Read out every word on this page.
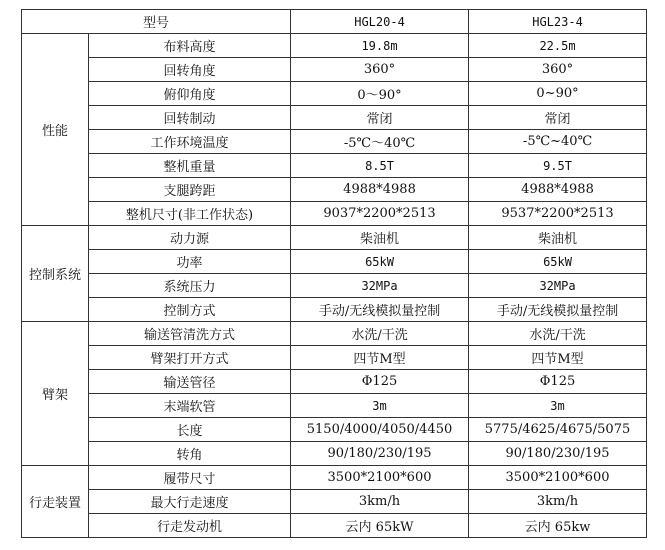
型号		HGL20-4	HGL23-4
性能	布料高度	19.8m	22.5m
	回转角度	360°	360°
	俯仰角度	0～90°	0~90°
	回转制动	常闭	常闭
	工作环境温度	-5℃～40℃	-5℃~40℃
	整机重量	8.5T	9.5T
	支腿跨距	4988*4988	4988*4988
	整机尺寸(非工作状态)	9037*2200*2513	9537*2200*2513
控制系统	动力源	柴油机	柴油机
	功率	65kW	65kW
	系统压力	32MPa	32MPa
	控制方式	手动/无线模拟量控制	手动/无线模拟量控制
臂架	输送管清洗方式	水洗/干洗	水洗/干洗
	臂架打开方式	四节M型	四节M型
	输送管径	Φ125	Φ125
	末端软管	3m	3m
	长度	5150/4000/4050/4450	5775/4625/4675/5075
	转角	90/180/230/195	90/180/230/195
行走装置	履带尺寸	3500*2100*600	3500*2100*600
	最大行走速度	3km/h	3km/h
	行走发动机	云内 65kW	云内 65kw
